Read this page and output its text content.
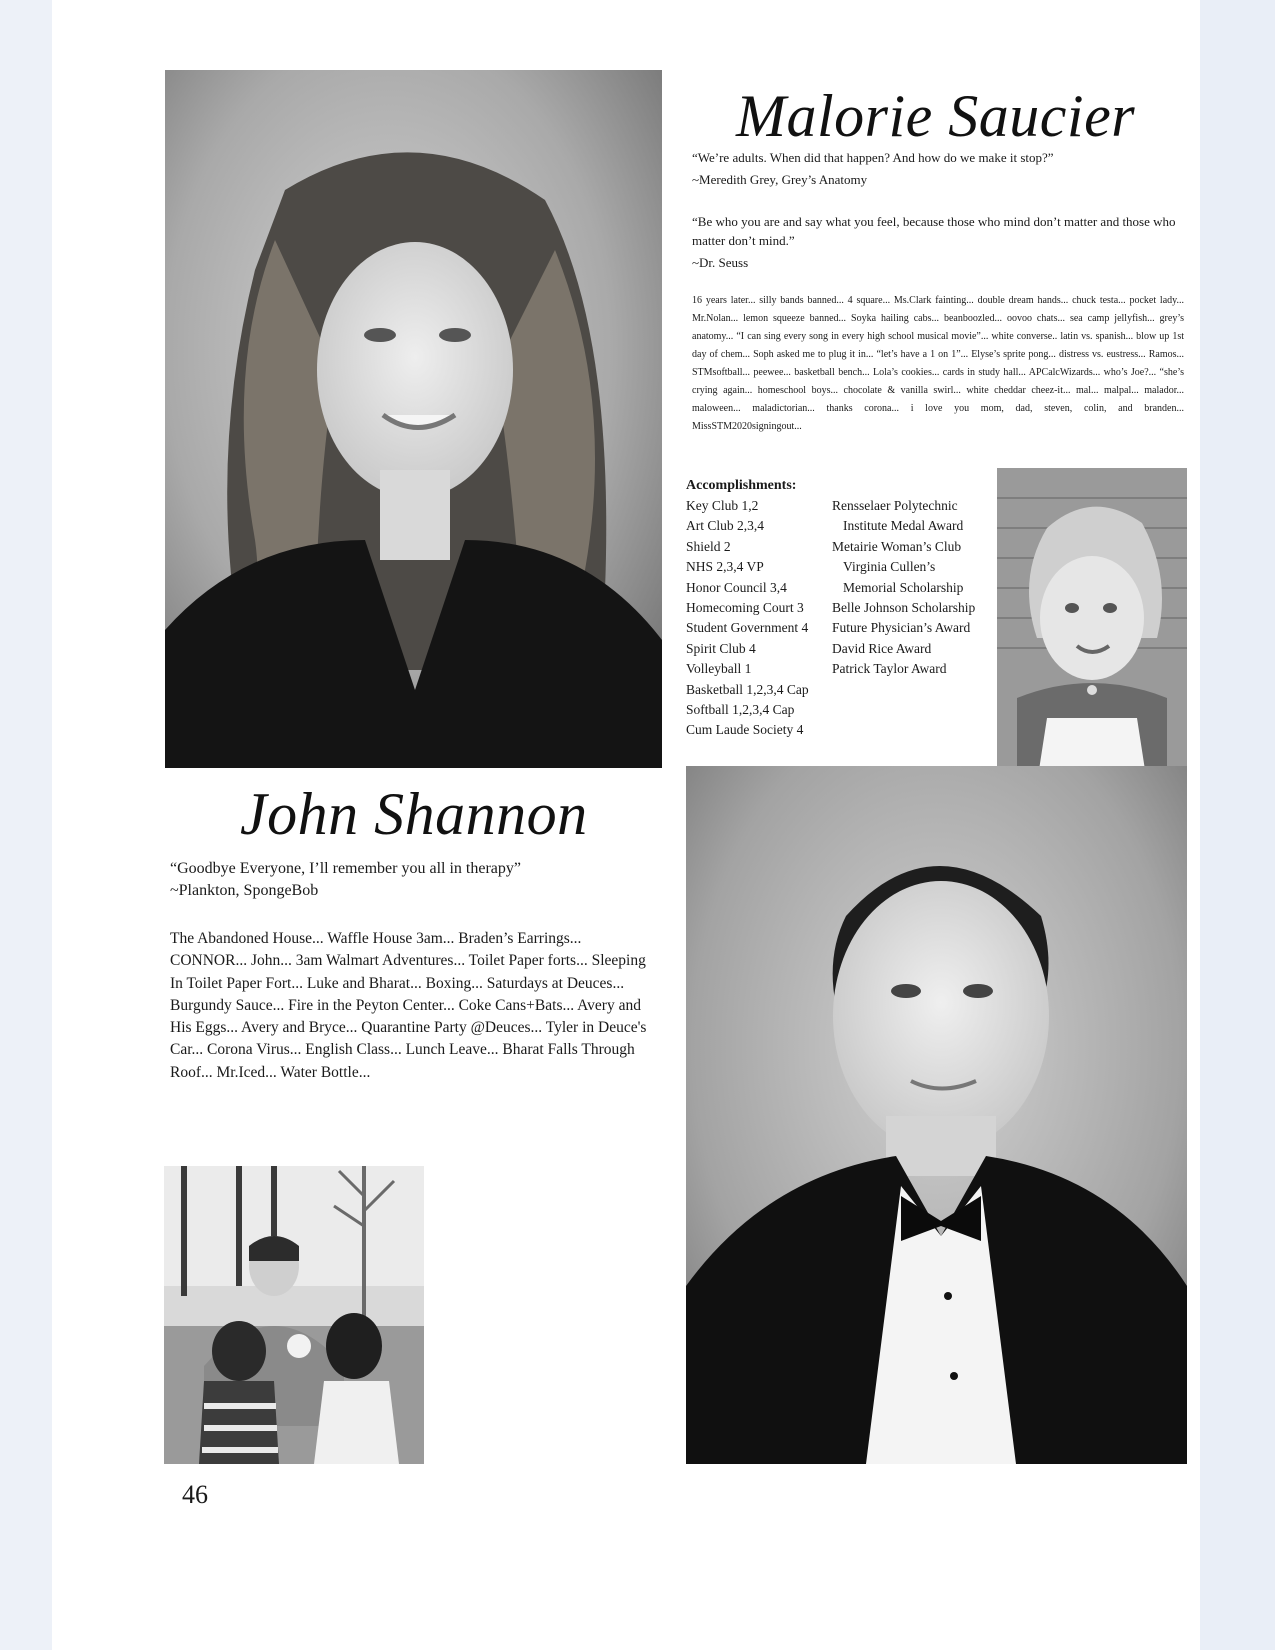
Malorie Saucier

“We’re adults. When did that happen? And how do we make it stop?”

~Meredith Grey, Grey’s Anatomy

“Be who you are and say what you feel, because those who mind don’t matter and those who matter don’t mind.”

~Dr. Seuss

16 years later... silly bands banned... 4 square... Ms.Clark fainting... double dream hands... chuck testa... pocket lady... Mr.Nolan... lemon squeeze banned... Soyka hailing cabs... beanboozled... oovoo chats... sea camp jellyfish... grey’s anatomy... “I can sing every song in every high school musical movie”... white converse.. latin vs. spanish... blow up 1st day of chem... Soph asked me to plug it in... “let’s have a 1 on 1”... Elyse’s sprite pong... distress vs. eustress... Ramos... STMsoftball... peewee... basketball bench... Lola’s cookies... cards in study hall... APCalcWizards... who’s Joe?... “she’s crying again... homeschool boys... chocolate & vanilla swirl... white cheddar cheez-it... mal... malpal... malador... maloween... maladictorian... thanks corona... i love you mom, dad, steven, colin, and branden... MissSTM2020signingout...

Accomplishments:

Key Club 1,2
Art Club 2,3,4
Shield 2
NHS 2,3,4 VP
Honor Council 3,4
Homecoming Court 3
Student Government 4
Spirit Club 4
Volleyball 1
Basketball 1,2,3,4 Cap
Softball 1,2,3,4 Cap
Cum Laude Society 4
Rensselaer Polytechnic
Institute Medal Award
Metairie Woman’s Club
Virginia Cullen’s
Memorial Scholarship
Belle Johnson Scholarship
Future Physician’s Award
David Rice Award
Patrick Taylor Award
John Shannon

“Goodbye Everyone, I’ll remember you all in therapy”

~Plankton, SpongeBob

The Abandoned House... Waffle House 3am... Braden’s Earrings... CONNOR... John... 3am Walmart Adventures... Toilet Paper forts... Sleeping In Toilet Paper Fort... Luke and Bharat... Boxing... Saturdays at Deuces... Burgundy Sauce... Fire in the Peyton Center... Coke Cans+Bats... Avery and His Eggs... Avery and Bryce... Quarantine Party @Deuces... Tyler in Deuce's Car... Corona Virus... English Class... Lunch Leave... Bharat Falls Through Roof... Mr.Iced... Water Bottle...

46
